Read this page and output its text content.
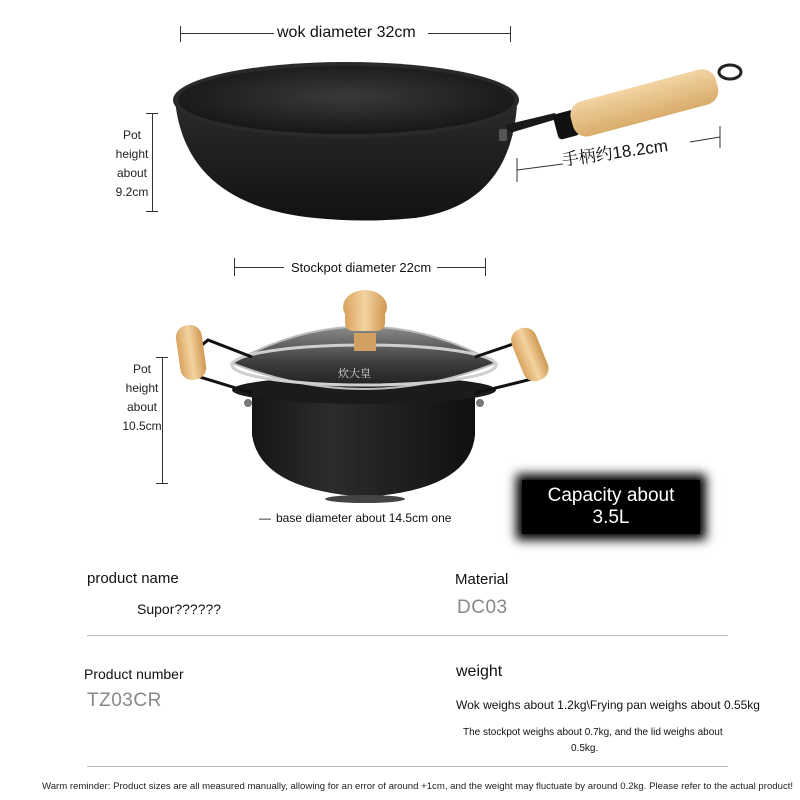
wok diameter 32cm
Pot
height
about
9.2cm
手柄约18.2cm
Stockpot diameter 22cm
Pot
height
about
10.5cm
炊大皇
— base diameter about 14.5cm one
Capacity about 3.5L
product name
Supor??????
Material
DC03
Product number
TZ03CR
weight
Wok weighs about 1.2kg\Frying pan weighs about 0.55kg
The stockpot weighs about 0.7kg, and the lid weighs about
0.5kg.
Warm reminder: Product sizes are all measured manually, allowing for an error of around +1cm, and the weight may fluctuate by around 0.2kg. Please refer to the actual product!
